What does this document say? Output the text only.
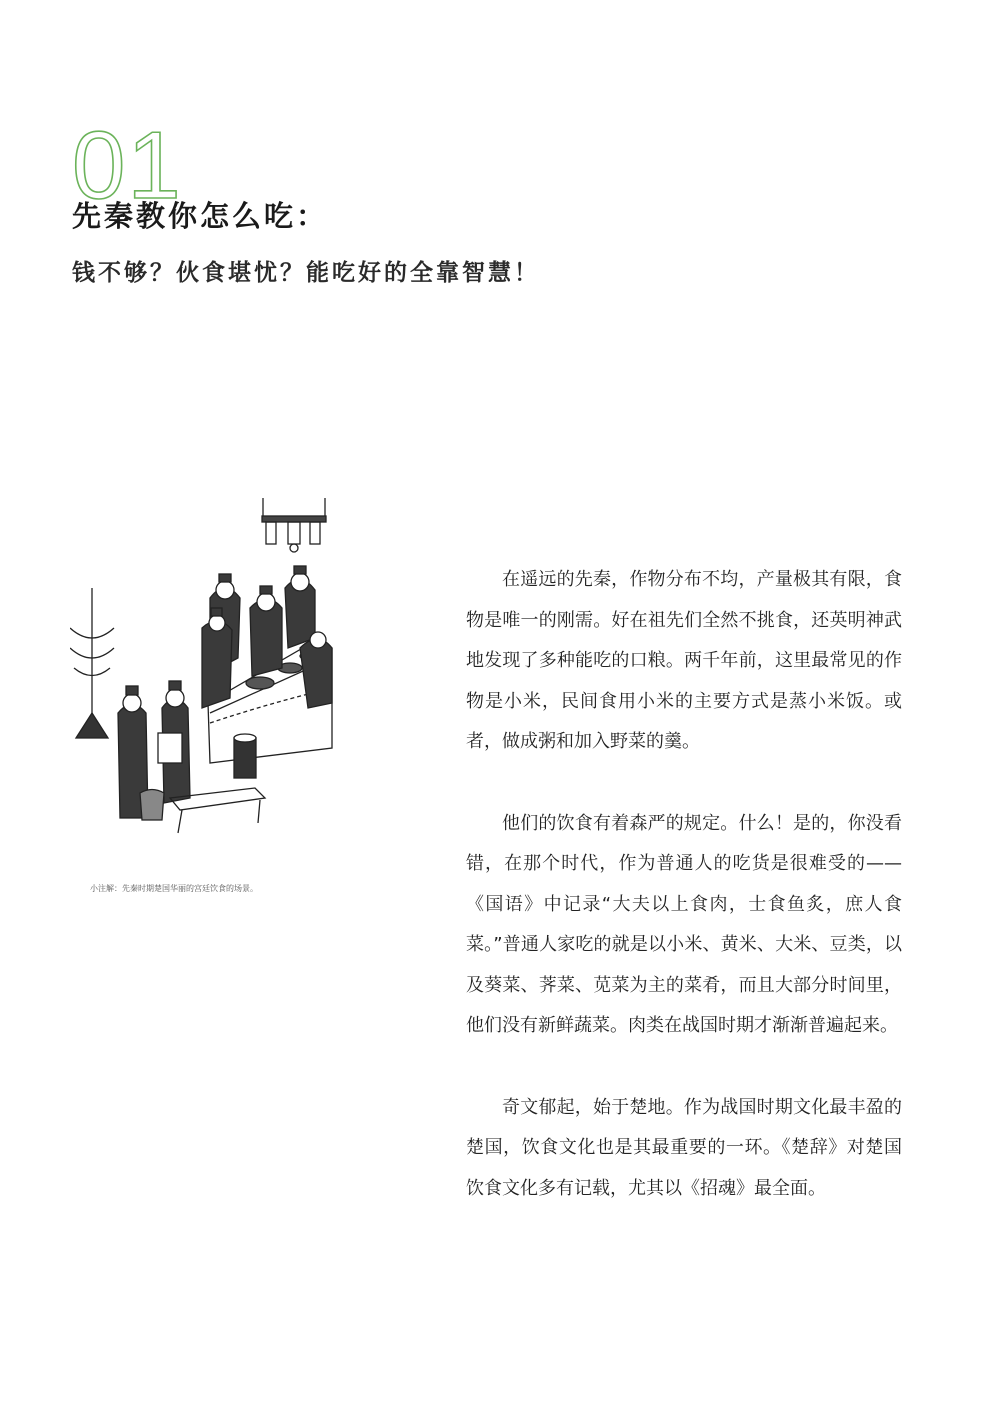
01
先秦教你怎么吃：
钱不够？伙食堪忧？能吃好的全靠智慧！
小注解：先秦时期楚国华丽的宫廷饮食的场景。

在遥远的先秦，作物分布不均，产量极其有限，食物是唯一的刚需。好在祖先们全然不挑食，还英明神武地发现了多种能吃的口粮。两千年前，这里最常见的作物是小米，民间食用小米的主要方式是蒸小米饭。或者，做成粥和加入野菜的羹。

他们的饮食有着森严的规定。什么！是的，你没看错，在那个时代，作为普通人的吃货是很难受的——《国语》中记录“大夫以上食肉，士食鱼炙，庶人食菜。”普通人家吃的就是以小米、黄米、大米、豆类，以及葵菜、荠菜、苋菜为主的菜肴，而且大部分时间里，他们没有新鲜蔬菜。肉类在战国时期才渐渐普遍起来。

奇文郁起，始于楚地。作为战国时期文化最丰盈的楚国，饮食文化也是其最重要的一环。《楚辞》对楚国饮食文化多有记载，尤其以《招魂》最全面。
